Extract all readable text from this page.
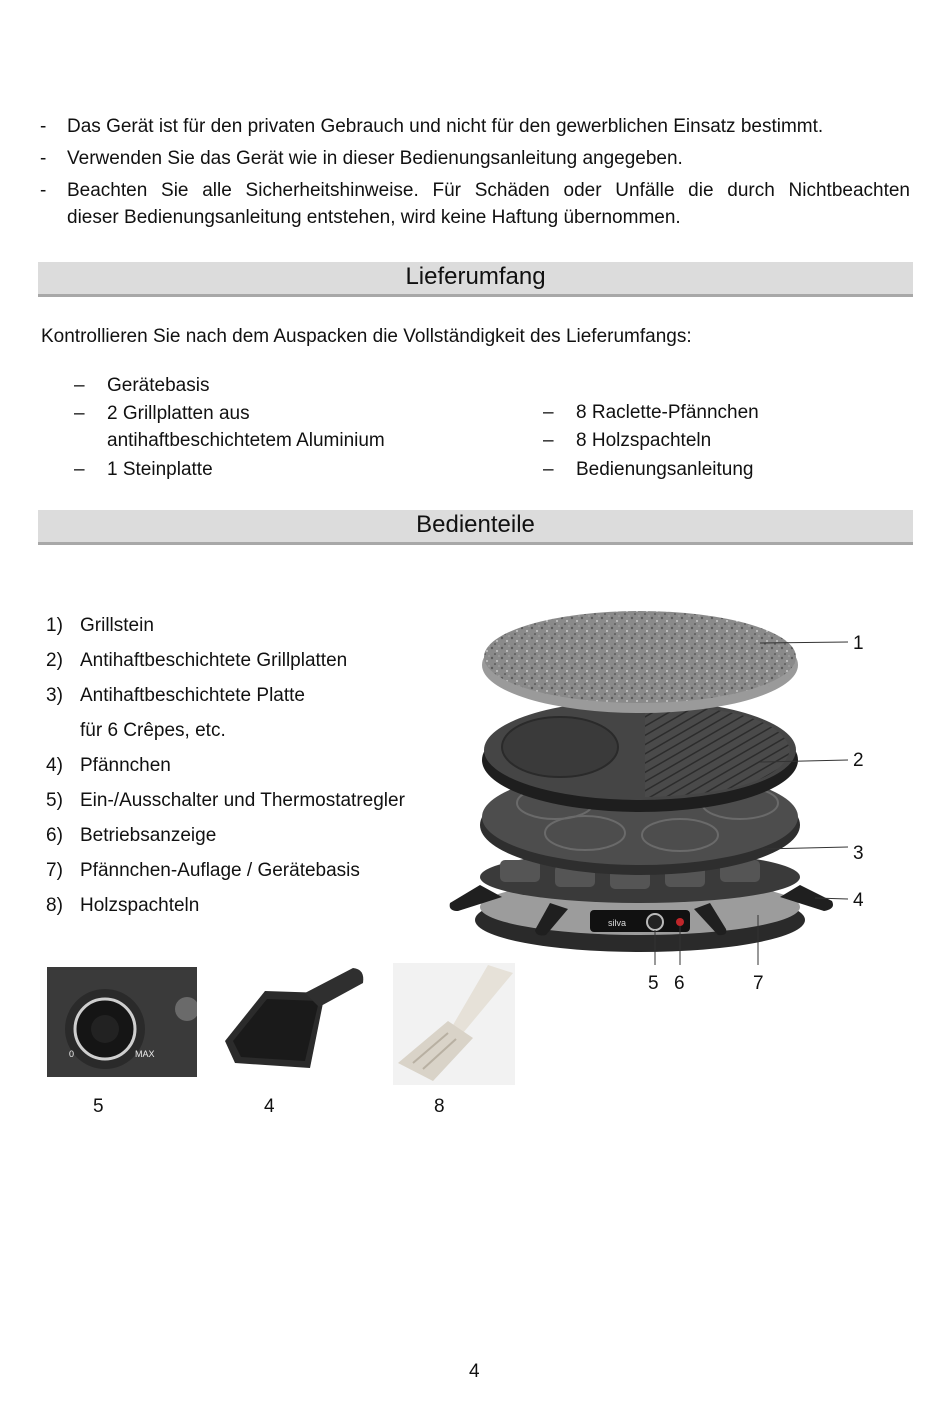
- Das Gerät ist für den privaten Gebrauch und nicht für den gewerblichen Einsatz bestimmt.
- Verwenden Sie das Gerät wie in dieser Bedienungsanleitung angegeben.
- Beachten Sie alle Sicherheitshinweise. Für Schäden oder Unfälle die durch Nichtbeachten
dieser Bedienungsanleitung entstehen, wird keine Haftung übernommen.
Lieferumfang
Kontrollieren Sie nach dem Auspacken die Vollständigkeit des Lieferumfangs:
– Gerätebasis
– 2 Grillplatten aus
antihaftbeschichtetem Aluminium
– 1 Steinplatte
– 8 Raclette-Pfännchen
– 8 Holzspachteln
– Bedienungsanleitung
Bedienteile
1) Grillstein
2) Antihaftbeschichtete Grillplatten
3) Antihaftbeschichtete Platte
für 6 Crêpes, etc.
4) Pfännchen
5) Ein-/Ausschalter und Thermostatregler
6) Betriebsanzeige
7) Pfännchen-Auflage / Gerätebasis
8) Holzspachteln
silva
1
2
3
4
5 6	7
0	MAX
5	4	8
4
